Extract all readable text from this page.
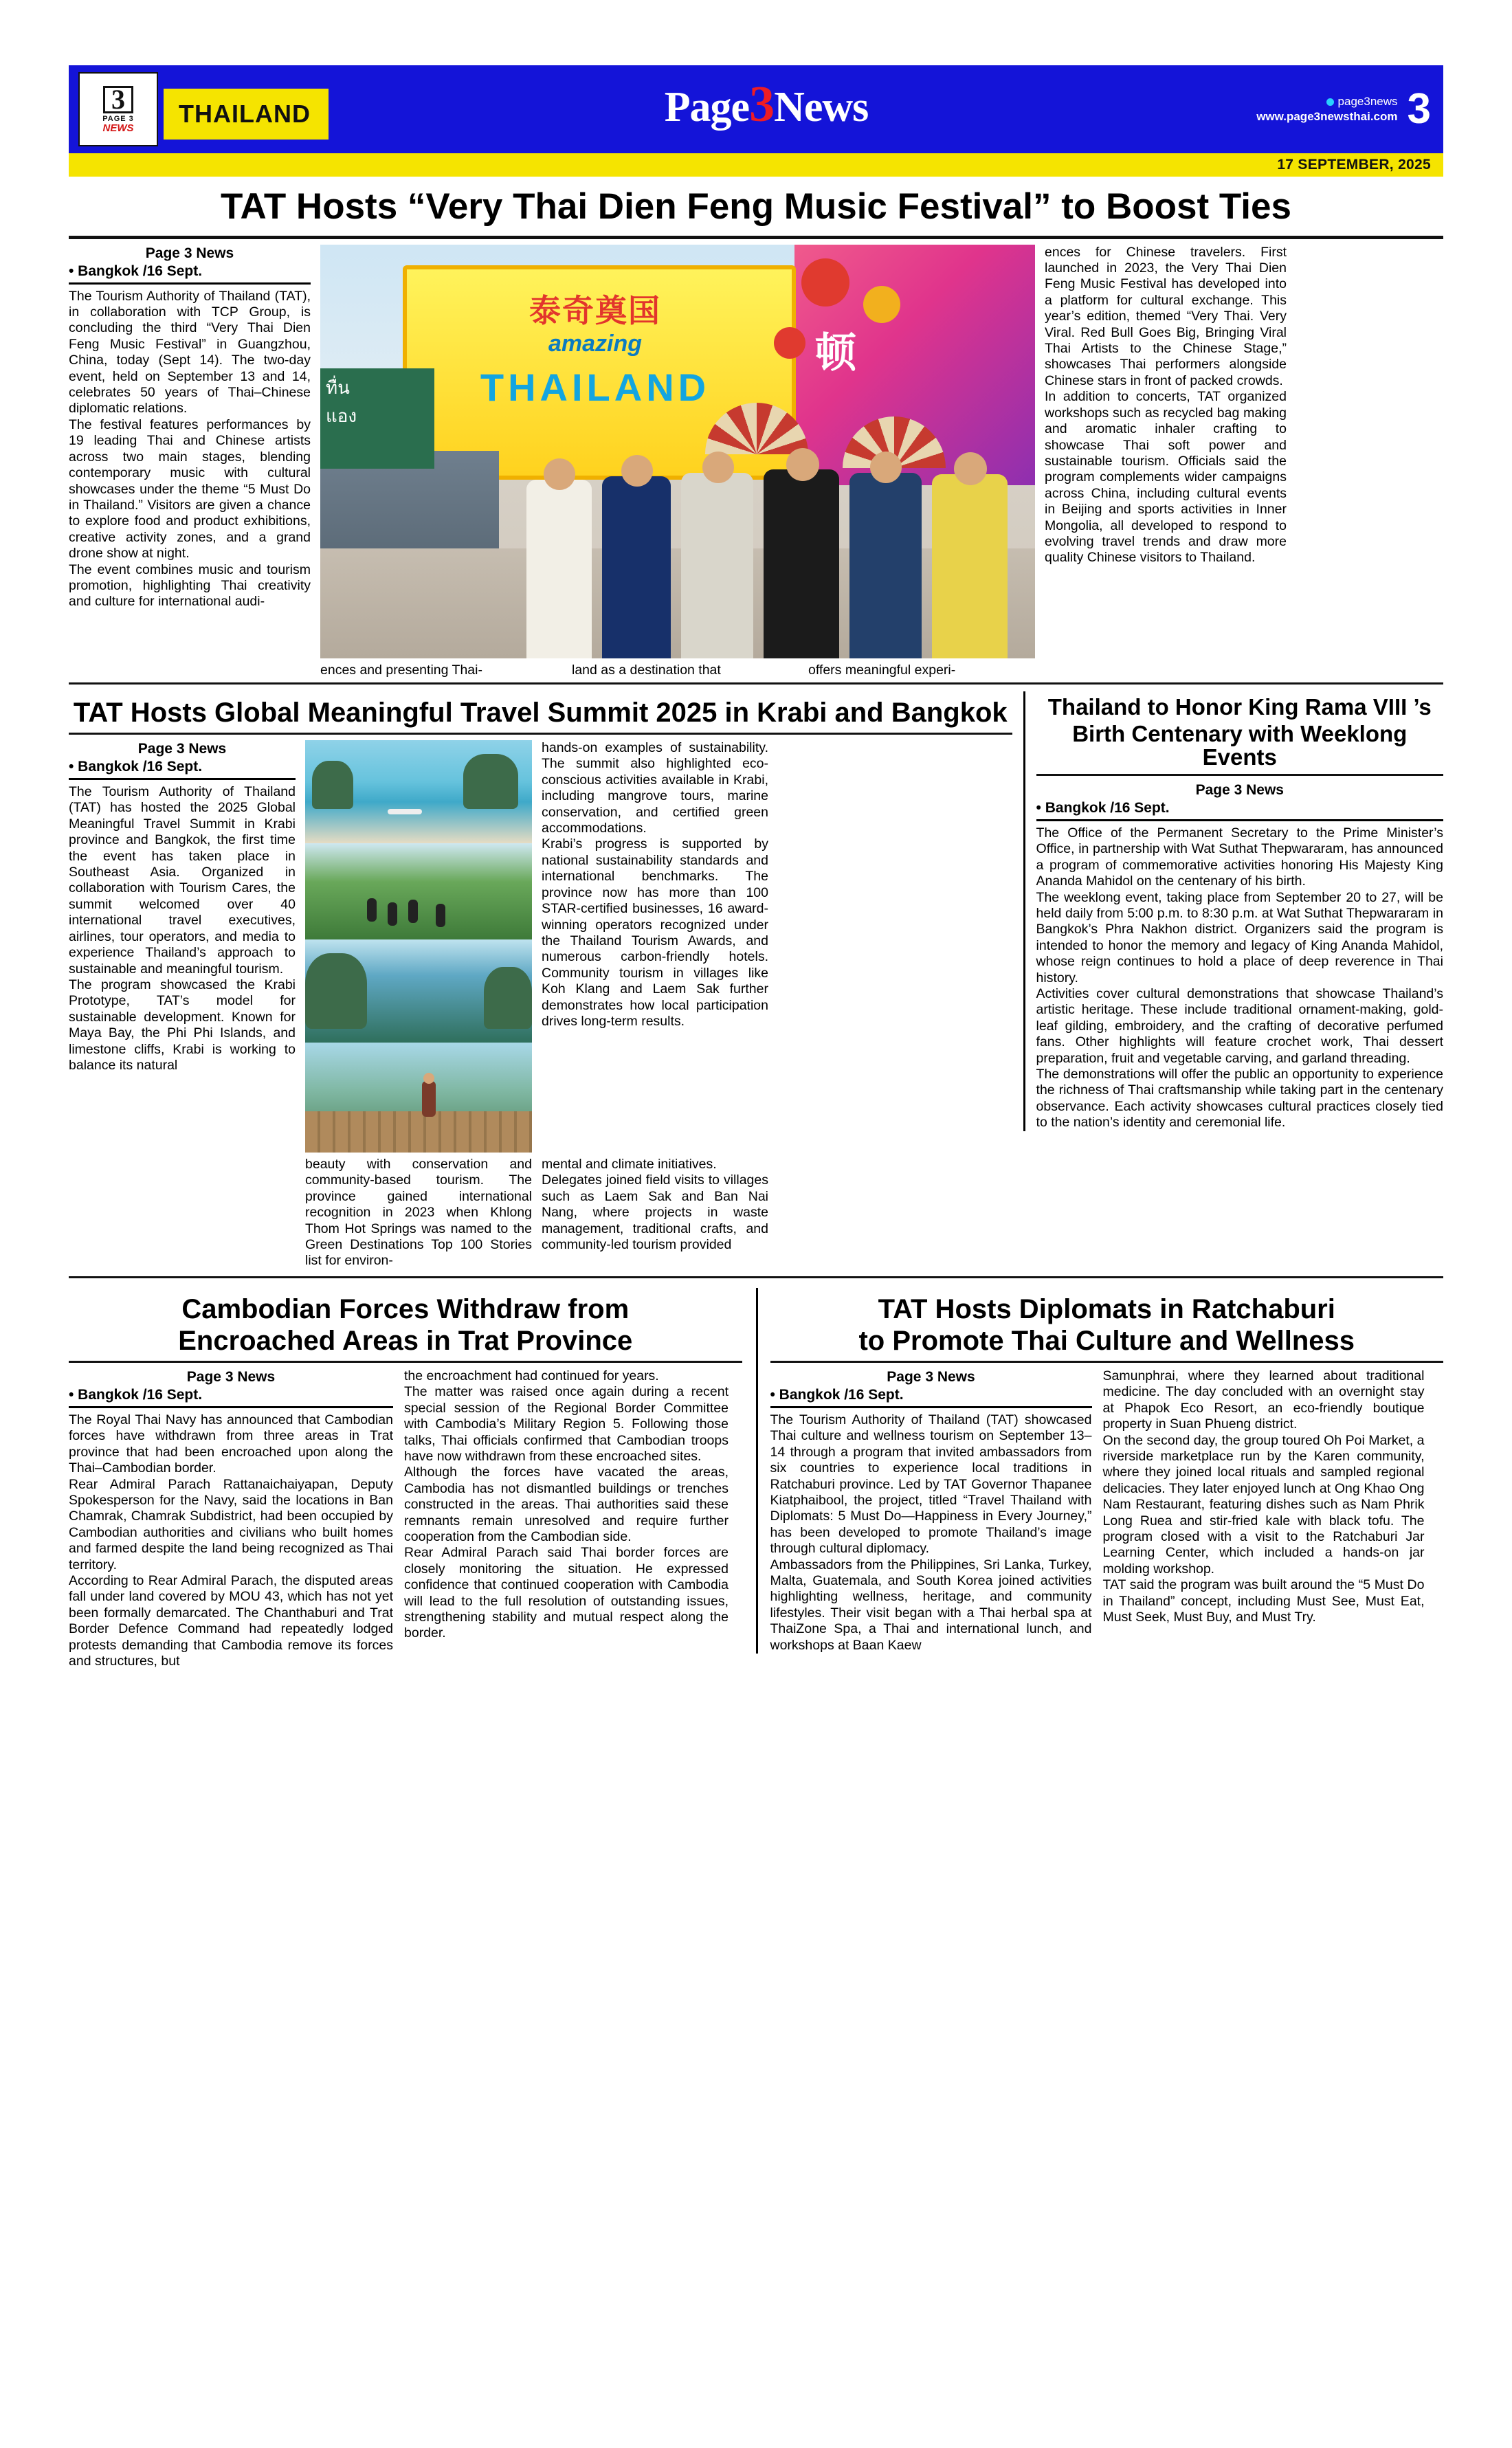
3
PAGE 3
NEWS	THAILAND	Page3News	page3news
www.page3newsthai.com 3
17 SEPTEMBER, 2025
TAT Hosts “Very Thai Dien Feng Music Festival” to Boost Ties
Page 3 News
• Bangkok /16 Sept.

The Tourism Authority of Thailand (TAT), in collaboration with TCP Group, is concluding the third “Very Thai Dien Feng Music Festival” in Guangzhou, China, today (Sept 14). The two-day event, held on September 13 and 14, celebrates 50 years of Thai–Chinese diplomatic relations.

The festival features performances by 19 leading Thai and Chinese artists across two main stages, blending contemporary music with cultural showcases under the theme “5 Must Do in Thailand.” Visitors are given a chance to explore food and product exhibitions, creative activity zones, and a grand drone show at night.

The event combines music and tourism promotion, highlighting Thai creativity and culture for international audi-

顿
泰奇奠国
amazing
THAILAND
ทื่น
แอง
ences and presenting Thai-	land as a destination that	offers meaningful experi-

ences for Chinese travelers. First launched in 2023, the Very Thai Dien Feng Music Festival has developed into a platform for cultural exchange. This year’s edition, themed “Very Thai. Very Viral. Red Bull Goes Big, Bringing Viral Thai Artists to the Chinese Stage,” showcases Thai performers alongside Chinese stars in front of packed crowds.

In addition to concerts, TAT organized workshops such as recycled bag making and aromatic inhaler crafting to showcase Thai soft power and sustainable tourism. Officials said the program complements wider campaigns across China, including cultural events in Beijing and sports activities in Inner Mongolia, all developed to respond to evolving travel trends and draw more quality Chinese visitors to Thailand.

TAT Hosts Global Meaningful Travel Summit 2025 in Krabi and Bangkok
Page 3 News
• Bangkok /16 Sept.

The Tourism Authority of Thailand (TAT) has hosted the 2025 Global Meaningful Travel Summit in Krabi province and Bangkok, the first time the event has taken place in Southeast Asia. Organized in collaboration with Tourism Cares, the summit welcomed over 40 international travel executives, airlines, tour operators, and media to experience Thailand’s approach to sustainable and meaningful tourism.

The program showcased the Krabi Prototype, TAT’s model for sustainable development. Known for Maya Bay, the Phi Phi Islands, and limestone cliffs, Krabi is working to balance its natural

hands-on examples of sustainability. The summit also highlighted eco-conscious activities available in Krabi, including mangrove tours, marine conservation, and certified green accommodations.

Krabi’s progress is supported by national sustainability standards and international benchmarks. The province now has more than 100 STAR-certified businesses, 16 award-winning operators recognized under the Thailand Tourism Awards, and numerous carbon-friendly hotels. Community tourism in villages like Koh Klang and Laem Sak further demonstrates how local participation drives long-term results.

beauty with conservation and community-based tourism. The province gained international recognition in 2023 when Khlong Thom Hot Springs was named to the Green Destinations Top 100 Stories list for environ-

mental and climate initiatives.

Delegates joined field visits to villages such as Laem Sak and Ban Nai Nang, where projects in waste management, traditional crafts, and community-led tourism provided

Thailand to Honor King Rama VIII ’s
Birth Centenary with Weeklong Events
Page 3 News
• Bangkok /16 Sept.

The Office of the Permanent Secretary to the Prime Minister’s Office, in partnership with Wat Suthat Thepwararam, has announced a program of commemorative activities honoring His Majesty King Ananda Mahidol on the centenary of his birth.

The weeklong event, taking place from September 20 to 27, will be held daily from 5:00 p.m. to 8:30 p.m. at Wat Suthat Thepwararam in Bangkok’s Phra Nakhon district. Organizers said the program is intended to honor the memory and legacy of King Ananda Mahidol, whose reign continues to hold a place of deep reverence in Thai history.

Activities cover cultural demonstrations that showcase Thailand’s artistic heritage. These include traditional ornament-making, gold-leaf gilding, embroidery, and the crafting of decorative perfumed fans. Other highlights will feature crochet work, Thai dessert preparation, fruit and vegetable carving, and garland threading.

The demonstrations will offer the public an opportunity to experience the richness of Thai craftsmanship while taking part in the centenary observance. Each activity showcases cultural practices closely tied to the nation’s identity and ceremonial life.

Cambodian Forces Withdraw from
Encroached Areas in Trat Province
Page 3 News
• Bangkok /16 Sept.

The Royal Thai Navy has announced that Cambodian forces have withdrawn from three areas in Trat province that had been encroached upon along the Thai–Cambodian border.

Rear Admiral Parach Rattanaichaiyapan, Deputy Spokesperson for the Navy, said the locations in Ban Chamrak, Chamrak Subdistrict, had been occupied by Cambodian authorities and civilians who built homes and farmed despite the land being recognized as Thai territory.

According to Rear Admiral Parach, the disputed areas fall under land covered by MOU 43, which has not yet been formally demarcated. The Chanthaburi and Trat Border Defence Command had repeatedly lodged protests demanding that Cambodia remove its forces and structures, but

the encroachment had continued for years.

The matter was raised once again during a recent special session of the Regional Border Committee with Cambodia’s Military Region 5. Following those talks, Thai officials confirmed that Cambodian troops have now withdrawn from these encroached sites.

Although the forces have vacated the areas, Cambodia has not dismantled buildings or trenches constructed in the areas. Thai authorities said these remnants remain unresolved and require further cooperation from the Cambodian side.

Rear Admiral Parach said Thai border forces are closely monitoring the situation. He expressed confidence that continued cooperation with Cambodia will lead to the full resolution of outstanding issues, strengthening stability and mutual respect along the border.

TAT Hosts Diplomats in Ratchaburi
to Promote Thai Culture and Wellness
Page 3 News
• Bangkok /16 Sept.

The Tourism Authority of Thailand (TAT) showcased Thai culture and wellness tourism on September 13–14 through a program that invited ambassadors from six countries to experience local traditions in Ratchaburi province. Led by TAT Governor Thapanee Kiatphaibool, the project, titled “Travel Thailand with Diplomats: 5 Must Do—Happiness in Every Journey,” has been developed to promote Thailand’s image through cultural diplomacy.

Ambassadors from the Philippines, Sri Lanka, Turkey, Malta, Guatemala, and South Korea joined activities highlighting wellness, heritage, and community lifestyles. Their visit began with a Thai herbal spa at ThaiZone Spa, a Thai and international lunch, and workshops at Baan Kaew

Samunphrai, where they learned about traditional medicine. The day concluded with an overnight stay at Phapok Eco Resort, an eco-friendly boutique property in Suan Phueng district.

On the second day, the group toured Oh Poi Market, a riverside marketplace run by the Karen community, where they joined local rituals and sampled regional delicacies. They later enjoyed lunch at Ong Khao Ong Nam Restaurant, featuring dishes such as Nam Phrik Long Ruea and stir-fried kale with black tofu. The program closed with a visit to the Ratchaburi Jar Learning Center, which included a hands-on jar molding workshop.

TAT said the program was built around the “5 Must Do in Thailand” concept, including Must See, Must Eat, Must Seek, Must Buy, and Must Try.
